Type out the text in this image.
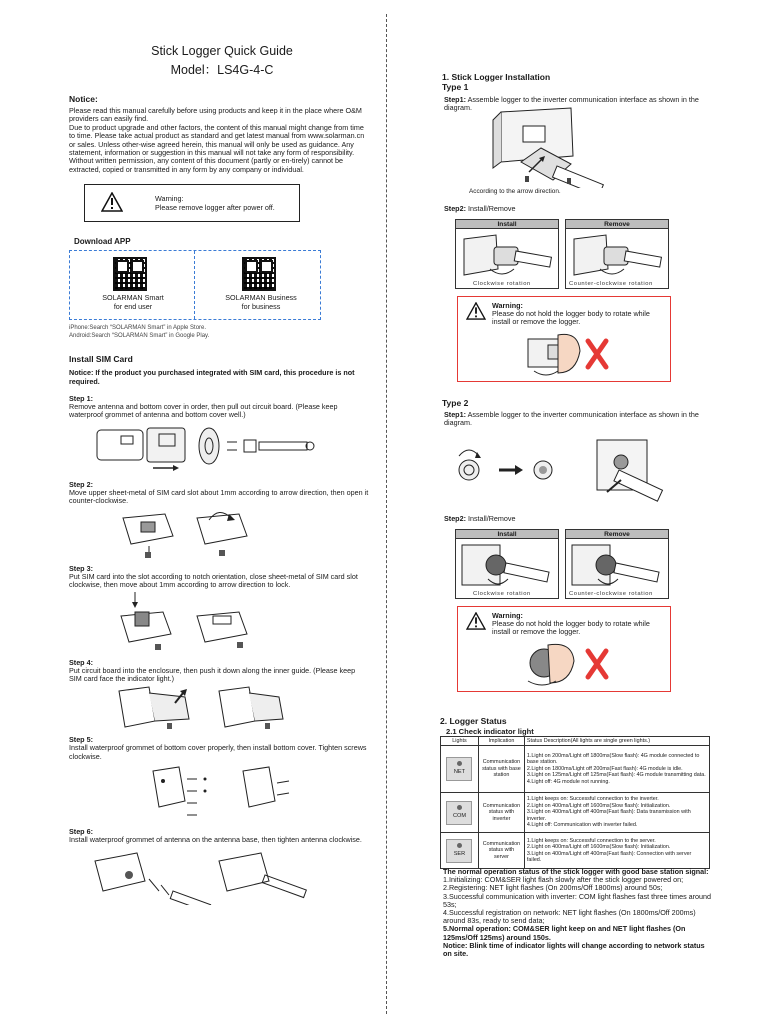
Stick Logger Quick Guide
Model：LS4G-4-C
Notice:
Please read this manual carefully before using products and keep it in the place where O&M providers can easily find.
Due to product upgrade and other factors, the content of this manual might change from time to time. Please take actual product as standard and get latest manual from www.solarman.cn or sales. Unless other-wise agreed herein, this manual will only be used as guidance. Any statement, information or suggestion in this manual will not take any form of responsibility.
Without written permission, any content of this document (partly or en-tirely) cannot be extracted, copied or transmitted in any form by any company or individual.
Warning:
Please remove logger after power off.
Download APP
SOLARMAN Smart
for end user
SOLARMAN Business
for business
iPhone:Search “SOLARMAN Smart” in Apple Store.
Android:Search “SOLARMAN Smart” in Google Play.
Install SIM Card
Notice: If the product you purchased integrated with SIM card, this procedure is not required.
Step 1:
Remove antenna and bottom cover in order, then pull out circuit board. (Please keep waterproof grommet of antenna and bottom cover well.)
Step 2:
Move upper sheet-metal of SIM card slot about 1mm according to arrow direction, then open it counter-clockwise.
Step 3:
Put SIM card into the slot according to notch orientation, close sheet-metal of SIM card slot clockwise, then move about 1mm according to arrow direction to lock.
Step 4:
Put circuit board into the enclosure, then push it down along the inner guide. (Please keep SIM card face the indicator light.)
Step 5:
Install waterproof grommet of bottom cover properly, then install bottom cover. Tighten screws clockwise.
Step 6:
Install waterproof grommet of antenna on the antenna base, then tighten antenna clockwise.
1. Stick Logger Installation
Type 1
Step1: Assemble logger to the inverter communication interface as shown in the diagram.
According to the arrow direction.
Step2: Install/Remove
Install
Clockwise rotation
Remove
Counter-clockwise rotation
Warning:
Please do not hold the logger body to rotate while install or remove the logger.
Type 2
Step1: Assemble logger to the inverter communication interface as shown in the diagram.
Step2: Install/Remove
Install
Clockwise rotation
Remove
Counter-clockwise rotation
Warning:
Please do not hold the logger body to rotate while install or remove the logger.
2. Logger Status
2.1 Check indicator light
Lights	Implication	Status Description(All lights are single green lights.)

NET	Communication status with base station	1.Light on 200ms/Light off 1800ms(Slow flash): 4G module connected to base station.
2.Light on 1800ms/Light off 200ms(Fast flash): 4G module is idle.
3.Light on 125ms/Light off 125ms(Fast flash): 4G module transmitting data.
4.Light off: 4G module not running.

COM	Communication status with inverter	1.Light keeps on: Successful connection to the inverter.
2.Light on 400ms/Light off 1600ms(Slow flash): Initialization.
3.Light on 400ms/Light off 400ms(Fast flash): Data transmission with inverter.
4.Light off: Communication with inverter failed.

SER	Communication status with server	1.Light keeps on: Successful connection to the server.
2.Light on 400ms/Light off 1600ms(Slow flash): Initialization.
3.Light on 400ms/Light off 400ms(Fast flash): Connection with server failed.
The normal operation status of the stick logger with good base station signal:
1.Initializing: COM&SER light flash slowly after the stick logger powered on;
2.Registering: NET light flashes (On 200ms/Off 1800ms) around 50s;
3.Successful communication with inverter: COM light flashes fast three times around 53s;
4.Successful registration on network: NET light flashes (On 1800ms/Off 200ms) around 83s, ready to send data;
5.Normal operation: COM&SER light keep on and NET light flashes (On 125ms/Off 125ms) around 150s.
Notice: Blink time of indicator lights will change according to network status on site.
